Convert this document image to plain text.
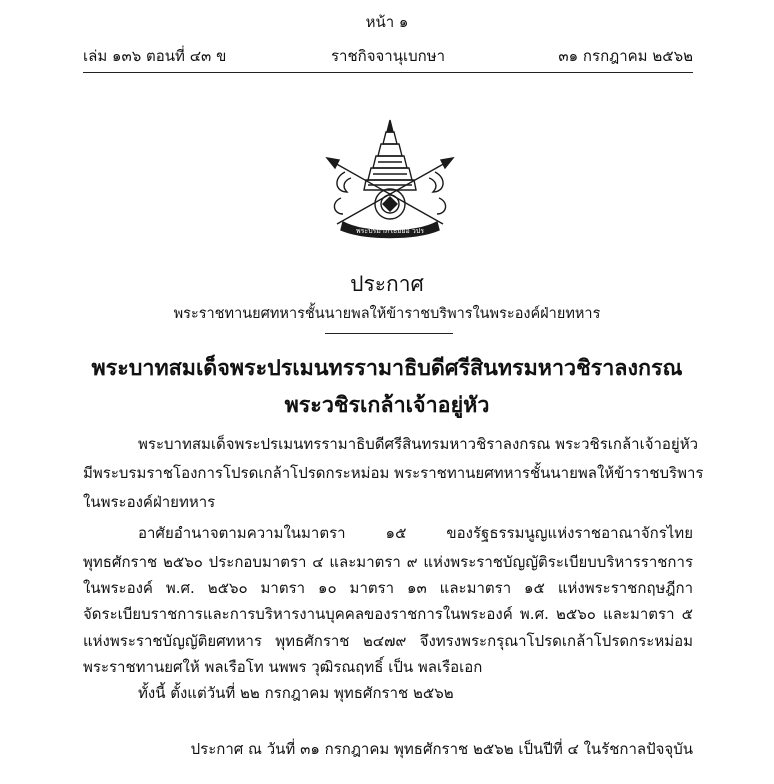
หน้า ๑
เล่ม ๑๓๖ ตอนที่ ๔๓ ข	ราชกิจจานุเบกษา	๓๑ กรกฎาคม ๒๕๖๒
พระปรมาภิไธยย่อ วปร
ประกาศ
พระราชทานยศทหารชั้นนายพลให้ข้าราชบริพารในพระองค์ฝ่ายทหาร
พระบาทสมเด็จพระปรเมนทรรามาธิบดีศรีสินทรมหาวชิราลงกรณ
พระวชิรเกล้าเจ้าอยู่หัว
พระบาทสมเด็จพระปรเมนทรรามาธิบดีศรีสินทรมหาวชิราลงกรณ พระวชิรเกล้าเจ้าอยู่หัว
มีพระบรมราชโองการโปรดเกล้าโปรดกระหม่อม พระราชทานยศทหารชั้นนายพลให้ข้าราชบริพาร
ในพระองค์ฝ่ายทหาร
อาศัยอำนาจตามความในมาตรา ๑๕ ของรัฐธรรมนูญแห่งราชอาณาจักรไทย
พุทธศักราช ๒๕๖๐ ประกอบมาตรา ๔ และมาตรา ๙ แห่งพระราชบัญญัติระเบียบบริหารราชการ
ในพระองค์ พ.ศ. ๒๕๖๐ มาตรา ๑๐ มาตรา ๑๓ และมาตรา ๑๕ แห่งพระราชกฤษฎีกา
จัดระเบียบราชการและการบริหารงานบุคคลของราชการในพระองค์ พ.ศ. ๒๕๖๐ และมาตรา ๕
แห่งพระราชบัญญัติยศทหาร พุทธศักราช ๒๔๗๙ จึงทรงพระกรุณาโปรดเกล้าโปรดกระหม่อม
พระราชทานยศให้ พลเรือโท นพพร วุฒิรณฤทธิ์ เป็น พลเรือเอก
ทั้งนี้ ตั้งแต่วันที่ ๒๒ กรกฎาคม พุทธศักราช ๒๕๖๒
ประกาศ ณ วันที่ ๓๑ กรกฎาคม พุทธศักราช ๒๕๖๒ เป็นปีที่ ๔ ในรัชกาลปัจจุบัน
